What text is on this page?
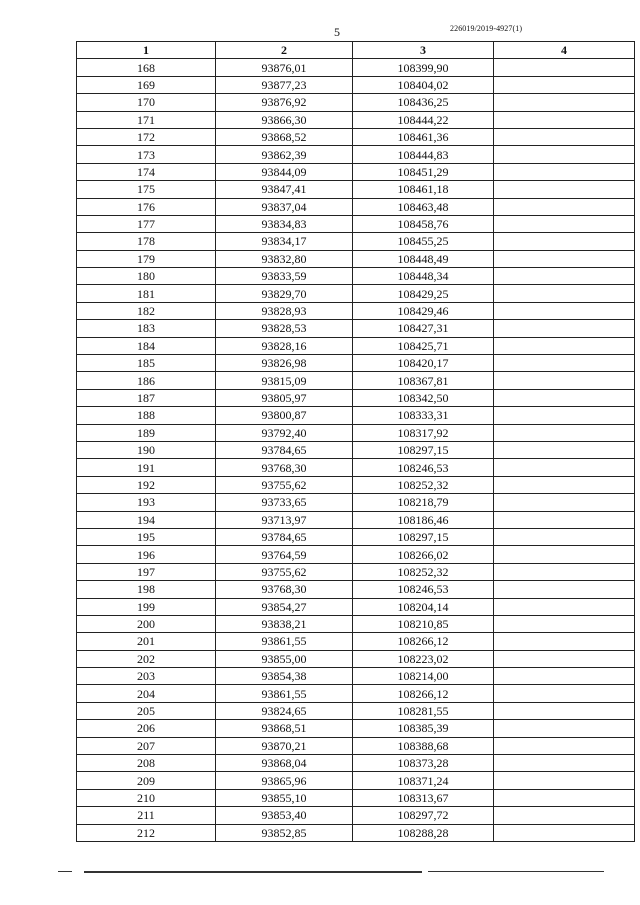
5	226019/2019-4927(1)
1	2	3	4
168	93876,01	108399,90	
169	93877,23	108404,02	
170	93876,92	108436,25	
171	93866,30	108444,22	
172	93868,52	108461,36	
173	93862,39	108444,83	
174	93844,09	108451,29	
175	93847,41	108461,18	
176	93837,04	108463,48	
177	93834,83	108458,76	
178	93834,17	108455,25	
179	93832,80	108448,49	
180	93833,59	108448,34	
181	93829,70	108429,25	
182	93828,93	108429,46	
183	93828,53	108427,31	
184	93828,16	108425,71	
185	93826,98	108420,17	
186	93815,09	108367,81	
187	93805,97	108342,50	
188	93800,87	108333,31	
189	93792,40	108317,92	
190	93784,65	108297,15	
191	93768,30	108246,53	
192	93755,62	108252,32	
193	93733,65	108218,79	
194	93713,97	108186,46	
195	93784,65	108297,15	
196	93764,59	108266,02	
197	93755,62	108252,32	
198	93768,30	108246,53	
199	93854,27	108204,14	
200	93838,21	108210,85	
201	93861,55	108266,12	
202	93855,00	108223,02	
203	93854,38	108214,00	
204	93861,55	108266,12	
205	93824,65	108281,55	
206	93868,51	108385,39	
207	93870,21	108388,68	
208	93868,04	108373,28	
209	93865,96	108371,24	
210	93855,10	108313,67	
211	93853,40	108297,72	
212	93852,85	108288,28	
